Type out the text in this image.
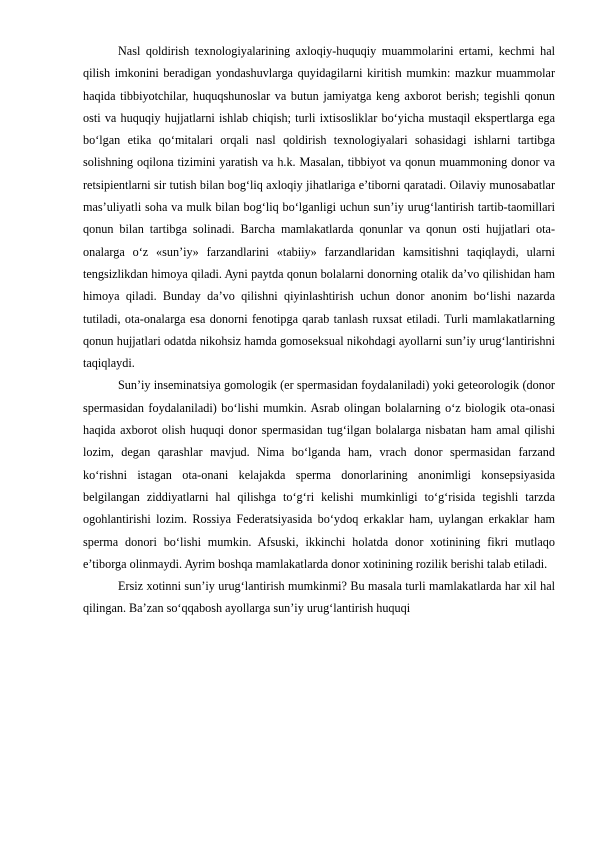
Nasl qoldirish texnologiyalarining axloqiy-huquqiy muammolarini ertami, kechmi hal qilish imkonini beradigan yondashuvlarga quyidagilarni kiritish mumkin: mazkur muammolar haqida tibbiyotchilar, huquqshunoslar va butun jamiyatga keng axborot berish; tegishli qonun osti va huquqiy hujjatlarni ishlab chiqish; turli ixtisosliklar bo‘yicha mustaqil ekspertlarga ega bo‘lgan etika qo‘mitalari orqali nasl qoldirish texnologiyalari sohasidagi ishlarni tartibga solishning oqilona tizimini yaratish va h.k. Masalan, tibbiyot va qonun muammoning donor va retsipientlarni sir tutish bilan bog‘liq axloqiy jihatlariga e’tiborni qaratadi. Oilaviy munosabatlar mas’uliyatli soha va mulk bilan bog‘liq bo‘lganligi uchun sun’iy urug‘lantirish tartib-taomillari qonun bilan tartibga solinadi. Barcha mamlakatlarda qonunlar va qonun osti hujjatlari ota-onalarga o‘z «sun’iy» farzandlarini «tabiiy» farzandlaridan kamsitishni taqiqlaydi, ularni tengsizlikdan himoya qiladi. Ayni paytda qonun bolalarni donorning otalik da’vo qilishidan ham himoya qiladi. Bunday da’vo qilishni qiyinlashtirish uchun donor anonim bo‘lishi nazarda tutiladi, ota-onalarga esa donorni fenotipga qarab tanlash ruxsat etiladi. Turli mamlakatlarning qonun hujjatlari odatda nikohsiz hamda gomoseksual nikohdagi ayollarni sun’iy urug‘lantirishni taqiqlaydi.

Sun’iy inseminatsiya gomologik (er spermasidan foydalaniladi) yoki geteorologik (donor spermasidan foydalaniladi) bo‘lishi mumkin. Asrab olingan bolalarning o‘z biologik ota-onasi haqida axborot olish huquqi donor spermasidan tug‘ilgan bolalarga nisbatan ham amal qilishi lozim, degan qarashlar mavjud. Nima bo‘lganda ham, vrach donor spermasidan farzand ko‘rishni istagan ota-onani kelajakda sperma donorlarining anonimligi konsepsiyasida belgilangan ziddiyatlarni hal qilishga to‘g‘ri kelishi mumkinligi to‘g‘risida tegishli tarzda ogohlantirishi lozim. Rossiya Federatsiyasida bo‘ydoq erkaklar ham, uylangan erkaklar ham sperma donori bo‘lishi mumkin. Afsuski, ikkinchi holatda donor xotinining fikri mutlaqo e’tiborga olinmaydi. Ayrim boshqa mamlakatlarda donor xotinining rozilik berishi talab etiladi.

Ersiz xotinni sun’iy urug‘lantirish mumkinmi? Bu masala turli mamlakatlarda har xil hal qilingan. Ba’zan so‘qqabosh ayollarga sun’iy urug‘lantirish huquqi
